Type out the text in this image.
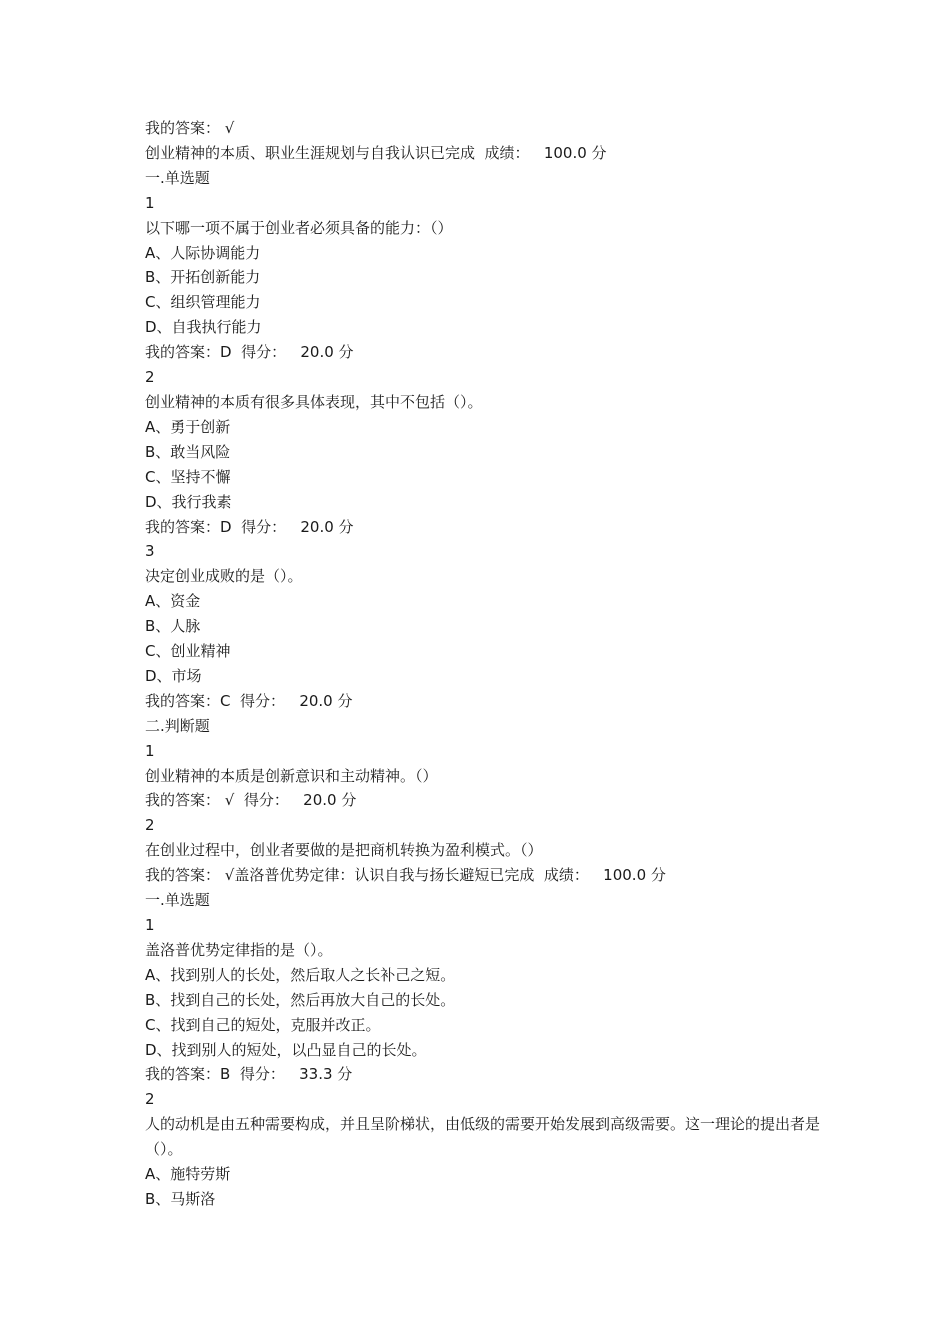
我的答案： √
创业精神的本质、职业生涯规划与自我认识已完成  成绩：   100.0 分
一.单选题
1
以下哪一项不属于创业者必须具备的能力：（）
A、人际协调能力
B、开拓创新能力
C、组织管理能力
D、自我执行能力
我的答案：D  得分：   20.0 分
2
创业精神的本质有很多具体表现，其中不包括（）。
A、勇于创新
B、敢当风险
C、坚持不懈
D、我行我素
我的答案：D  得分：   20.0 分
3
决定创业成败的是（）。
A、资金
B、人脉
C、创业精神
D、市场
我的答案：C  得分：   20.0 分
二.判断题
1
创业精神的本质是创新意识和主动精神。（）
我的答案： √  得分：   20.0 分
2
在创业过程中，创业者要做的是把商机转换为盈利模式。（）
我的答案： √盖洛普优势定律：认识自我与扬长避短已完成  成绩：   100.0 分
一.单选题
1
盖洛普优势定律指的是（）。
A、找到别人的长处，然后取人之长补己之短。
B、找到自己的长处，然后再放大自己的长处。
C、找到自己的短处，克服并改正。
D、找到别人的短处，以凸显自己的长处。
我的答案：B  得分：   33.3 分
2
人的动机是由五种需要构成，并且呈阶梯状，由低级的需要开始发展到高级需要。这一理论的提出者是（）。
A、施特劳斯
B、马斯洛
